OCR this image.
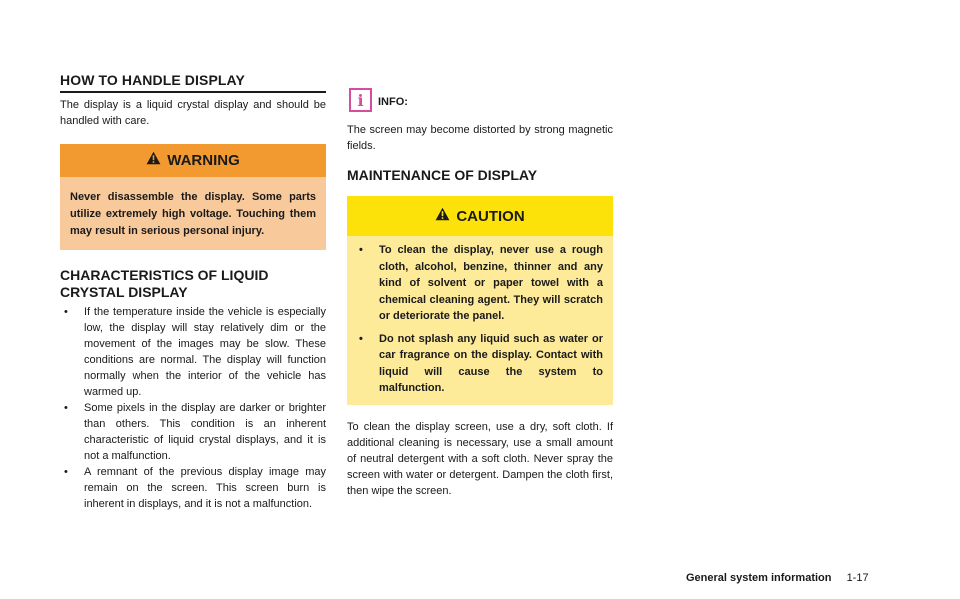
HOW TO HANDLE DISPLAY

The display is a liquid crystal display and should be handled with care.

WARNING

Never disassemble the display. Some parts utilize extremely high voltage. Touching them may result in serious personal injury.

CHARACTERISTICS OF LIQUID CRYSTAL DISPLAY
• If the temperature inside the vehicle is especially low, the display will stay relatively dim or the movement of the images may be slow. These conditions are normal. The display will function normally when the interior of the vehicle has warmed up.
• Some pixels in the display are darker or brighter than others. This condition is an inherent characteristic of liquid crystal displays, and it is not a malfunction.
• A remnant of the previous display image may remain on the screen. This screen burn is inherent in displays, and it is not a malfunction.
i	INFO:

The screen may become distorted by strong magnetic fields.

MAINTENANCE OF DISPLAY
CAUTION
• To clean the display, never use a rough cloth, alcohol, benzine, thinner and any kind of solvent or paper towel with a chemical cleaning agent. They will scratch or deteriorate the panel.
• Do not splash any liquid such as water or car fragrance on the display. Contact with liquid will cause the system to malfunction.

To clean the display screen, use a dry, soft cloth. If additional cleaning is necessary, use a small amount of neutral detergent with a soft cloth. Never spray the screen with water or detergent. Dampen the cloth first, then wipe the screen.

General system information 1-17
